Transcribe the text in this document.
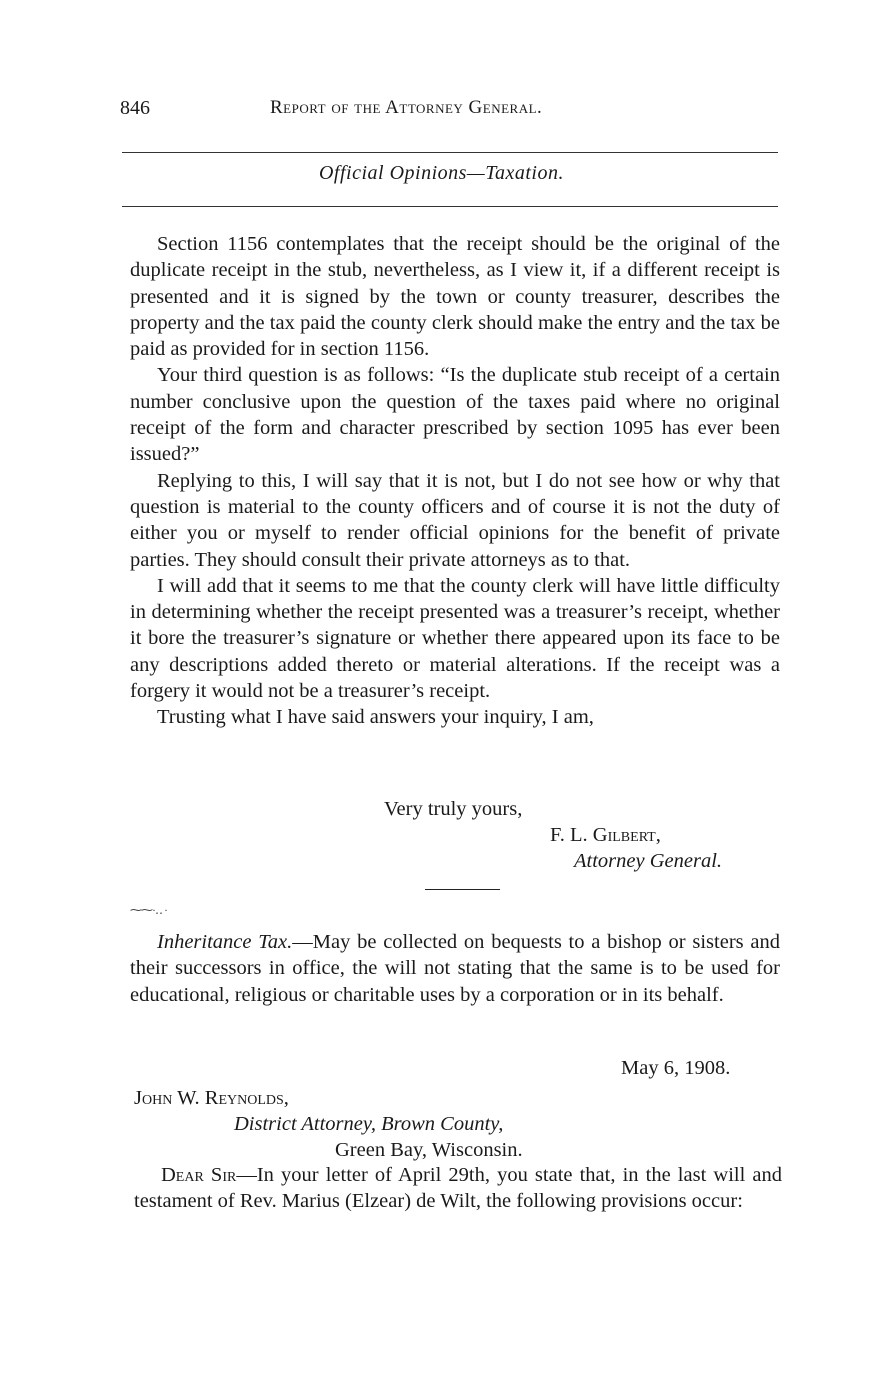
846	Report of the Attorney General.
Official Opinions—Taxation.

Section 1156 contemplates that the receipt should be the original of the duplicate receipt in the stub, nevertheless, as I view it, if a different receipt is presented and it is signed by the town or county treasurer, describes the property and the tax paid the county clerk should make the entry and the tax be paid as provided for in section 1156.

Your third question is as follows: “Is the duplicate stub receipt of a certain number conclusive upon the question of the taxes paid where no original receipt of the form and character prescribed by section 1095 has ever been issued?”

Replying to this, I will say that it is not, but I do not see how or why that question is material to the county officers and of course it is not the duty of either you or myself to render official opinions for the benefit of private parties. They should consult their private attorneys as to that.

I will add that it seems to me that the county clerk will have little difficulty in determining whether the receipt presented was a treasurer’s receipt, whether it bore the treasurer’s signature or whether there appeared upon its face to be any descriptions added thereto or material alterations. If the receipt was a forgery it would not be a treasurer’s receipt.

Trusting what I have said answers your inquiry, I am,

Very truly yours,
F. L. Gilbert,
Attorney General.
⁓⁓·‥ ·

Inheritance Tax.—May be collected on bequests to a bishop or sisters and their successors in office, the will not stating that the same is to be used for educational, religious or charitable uses by a corporation or in its behalf.

May 6, 1908.
John W. Reynolds,
District Attorney, Brown County,
Green Bay, Wisconsin.

Dear Sir—In your letter of April 29th, you state that, in the last will and testament of Rev. Marius (Elzear) de Wilt, the following provisions occur:
